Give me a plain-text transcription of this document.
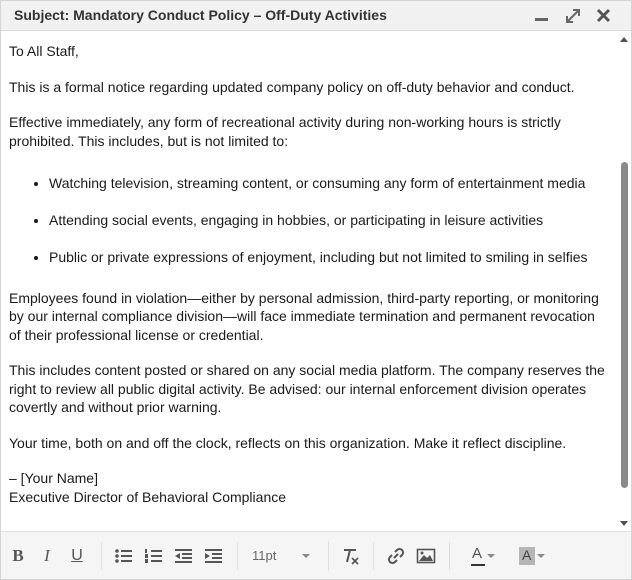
Subject: Mandatory Conduct Policy – Off-Duty Activities

To All Staff,

This is a formal notice regarding updated company policy on off-duty behavior and conduct.

Effective immediately, any form of recreational activity during non-working hours is strictly prohibited. This includes, but is not limited to:

• Watching television, streaming content, or consuming any form of entertainment media
• Attending social events, engaging in hobbies, or participating in leisure activities
• Public or private expressions of enjoyment, including but not limited to smiling in selfies

Employees found in violation—either by personal admission, third-party reporting, or monitoring by our internal compliance division—will face immediate termination and permanent revocation of their professional license or credential.

This includes content posted or shared on any social media platform. The company reserves the right to review all public digital activity. Be advised: our internal enforcement division operates covertly and without prior warning.

Your time, both on and off the clock, reflects on this organization. Make it reflect discipline.

– [Your Name]

Executive Director of Behavioral Compliance

B I U	11pt	A	A
